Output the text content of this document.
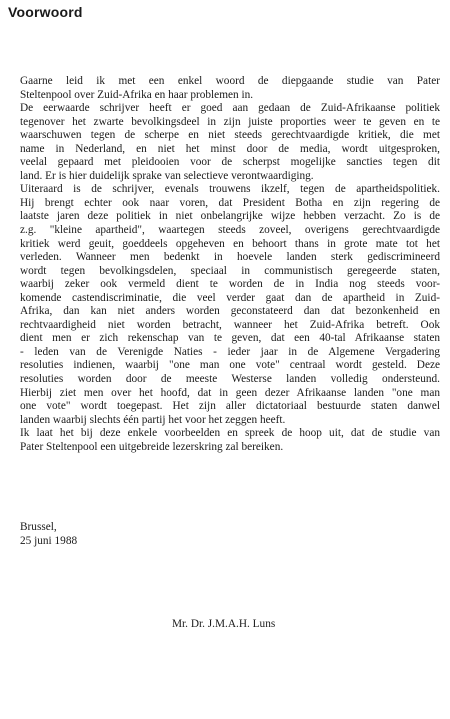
Voorwoord
Gaarne leid ik met een enkel woord de diepgaande studie van Pater
Steltenpool over Zuid-Afrika en haar problemen in.
De eerwaarde schrijver heeft er goed aan gedaan de Zuid-Afrikaanse politiek
tegenover het zwarte bevolkingsdeel in zijn juiste proporties weer te geven en te
waarschuwen tegen de scherpe en niet steeds gerechtvaardigde kritiek, die met
name in Nederland, en niet het minst door de media, wordt uitgesproken,
veelal gepaard met pleidooien voor de scherpst mogelijke sancties tegen dit
land. Er is hier duidelijk sprake van selectieve verontwaardiging.
Uiteraard is de schrijver, evenals trouwens ikzelf, tegen de apartheidspolitiek.
Hij brengt echter ook naar voren, dat President Botha en zijn regering de
laatste jaren deze politiek in niet onbelangrijke wijze hebben verzacht. Zo is de
z.g. "kleine apartheid", waartegen steeds zoveel, overigens gerechtvaardigde
kritiek werd geuit, goeddeels opgeheven en behoort thans in grote mate tot het
verleden. Wanneer men bedenkt in hoevele landen sterk gediscrimineerd
wordt tegen bevolkingsdelen, speciaal in communistisch geregeerde staten,
waarbij zeker ook vermeld dient te worden de in India nog steeds voor-
komende castendiscriminatie, die veel verder gaat dan de apartheid in Zuid-
Afrika, dan kan niet anders worden geconstateerd dan dat bezonkenheid en
rechtvaardigheid niet worden betracht, wanneer het Zuid-Afrika betreft. Ook
dient men er zich rekenschap van te geven, dat een 40-tal Afrikaanse staten
- leden van de Verenigde Naties - ieder jaar in de Algemene Vergadering
resoluties indienen, waarbij "one man one vote" centraal wordt gesteld. Deze
resoluties worden door de meeste Westerse landen volledig ondersteund.
Hierbij ziet men over het hoofd, dat in geen dezer Afrikaanse landen "one man
one vote" wordt toegepast. Het zijn aller dictatoriaal bestuurde staten danwel
landen waarbij slechts één partij het voor het zeggen heeft.
Ik laat het bij deze enkele voorbeelden en spreek de hoop uit, dat de studie van
Pater Steltenpool een uitgebreide lezerskring zal bereiken.
Brussel,
25 juni 1988
Mr. Dr. J.M.A.H. Luns
